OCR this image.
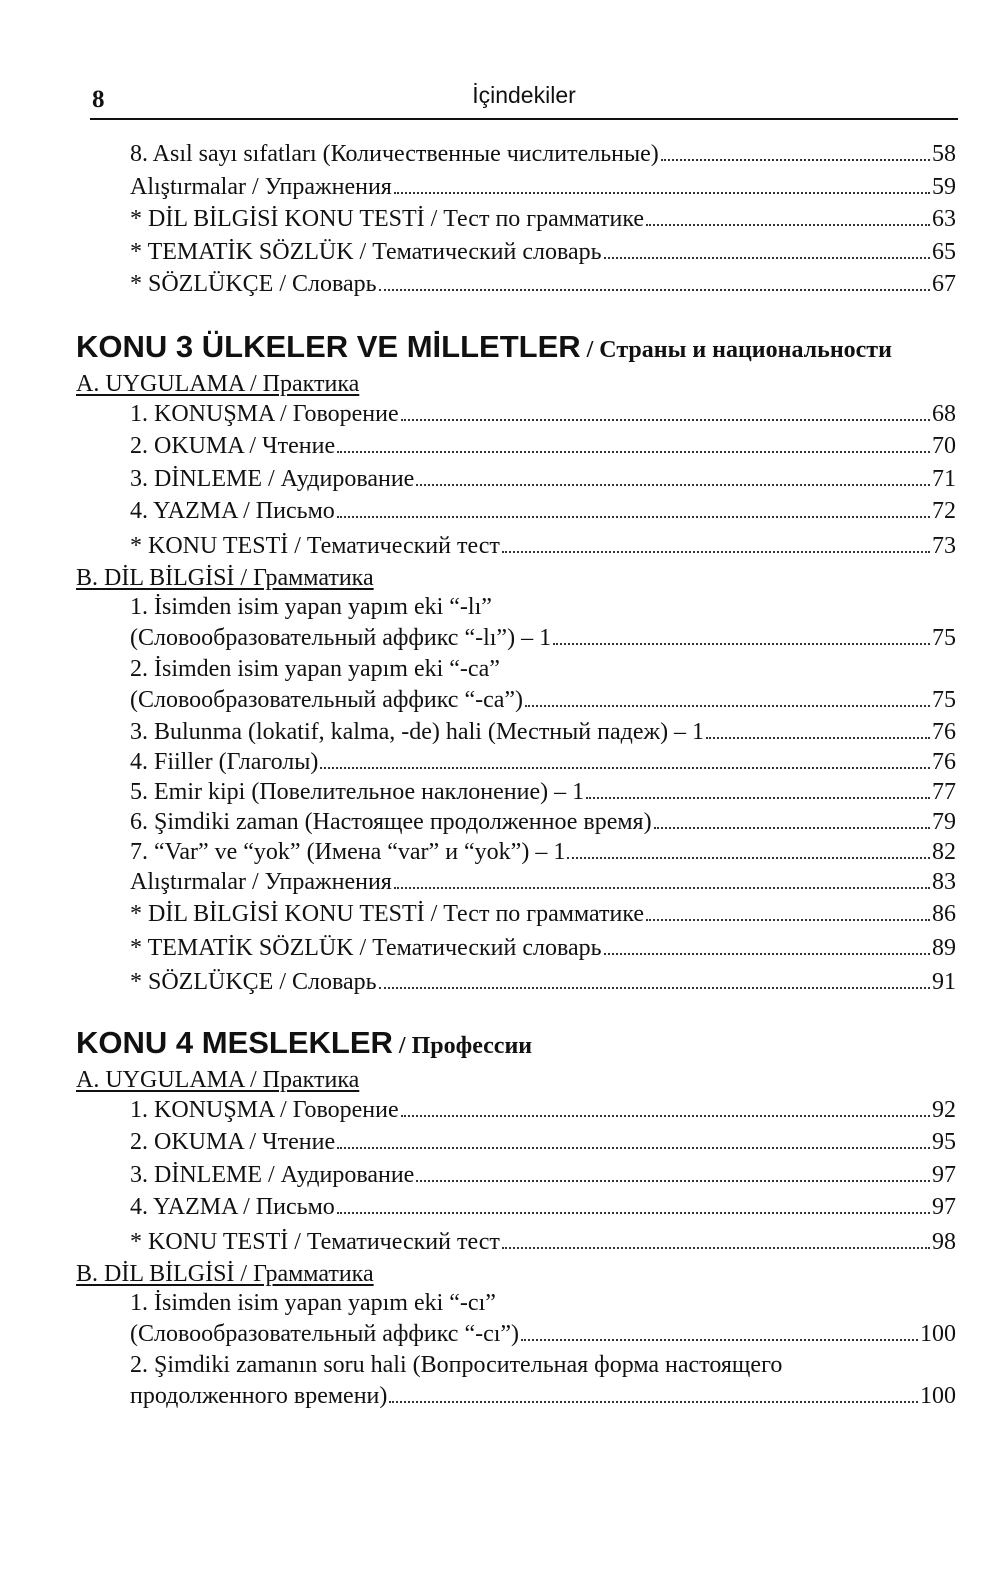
8	İçindekiler
8. Asıl sayı sıfatları (Количественные числительные)	58
Alıştırmalar / Упражнения	59
* DİL BİLGİSİ KONU TESTİ / Тест по грамматике	63
* TEMATİK SÖZLÜK / Тематический словарь	65
* SÖZLÜKÇE / Словарь	67
KONU 3 ÜLKELER VE MİLLETLER / Страны и национальности
A. UYGULAMA / Практика
1. KONUŞMA / Говорение	68
2. OKUMA / Чтение	70
3. DİNLEME / Аудирование	71
4. YAZMA / Письмо	72
* KONU TESTİ / Тематический тест	73
B. DİL BİLGİSİ / Грамматика
1. İsimden isim yapan yapım eki “-lı”
(Словообразовательный аффикс “-lı”) – 1	75
2. İsimden isim yapan yapım eki “-ca”
(Словообразовательный аффикс “-ca”)	75
3. Bulunma (lokatif, kalma, -de) hali (Местный падеж) – 1	76
4. Fiiller (Глаголы)	76
5. Emir kipi (Повелительное наклонение) – 1	77
6. Şimdiki zaman (Настоящее продолженное время)	79
7. “Var” ve “yok” (Имена “var” и “yok”) – 1	82
Alıştırmalar / Упражнения	83
* DİL BİLGİSİ KONU TESTİ / Тест по грамматике	86
* TEMATİK SÖZLÜK / Тематический словарь	89
* SÖZLÜKÇE / Словарь	91
KONU 4 MESLEKLER / Профессии
A. UYGULAMA / Практика
1. KONUŞMA / Говорение	92
2. OKUMA / Чтение	95
3. DİNLEME / Аудирование	97
4. YAZMA / Письмо	97
* KONU TESTİ / Тематический тест	98
B. DİL BİLGİSİ / Грамматика
1. İsimden isim yapan yapım eki “-cı”
(Словообразовательный аффикс “-cı”)	100
2. Şimdiki zamanın soru hali (Вопросительная форма настоящего
продолженного времени)	100
